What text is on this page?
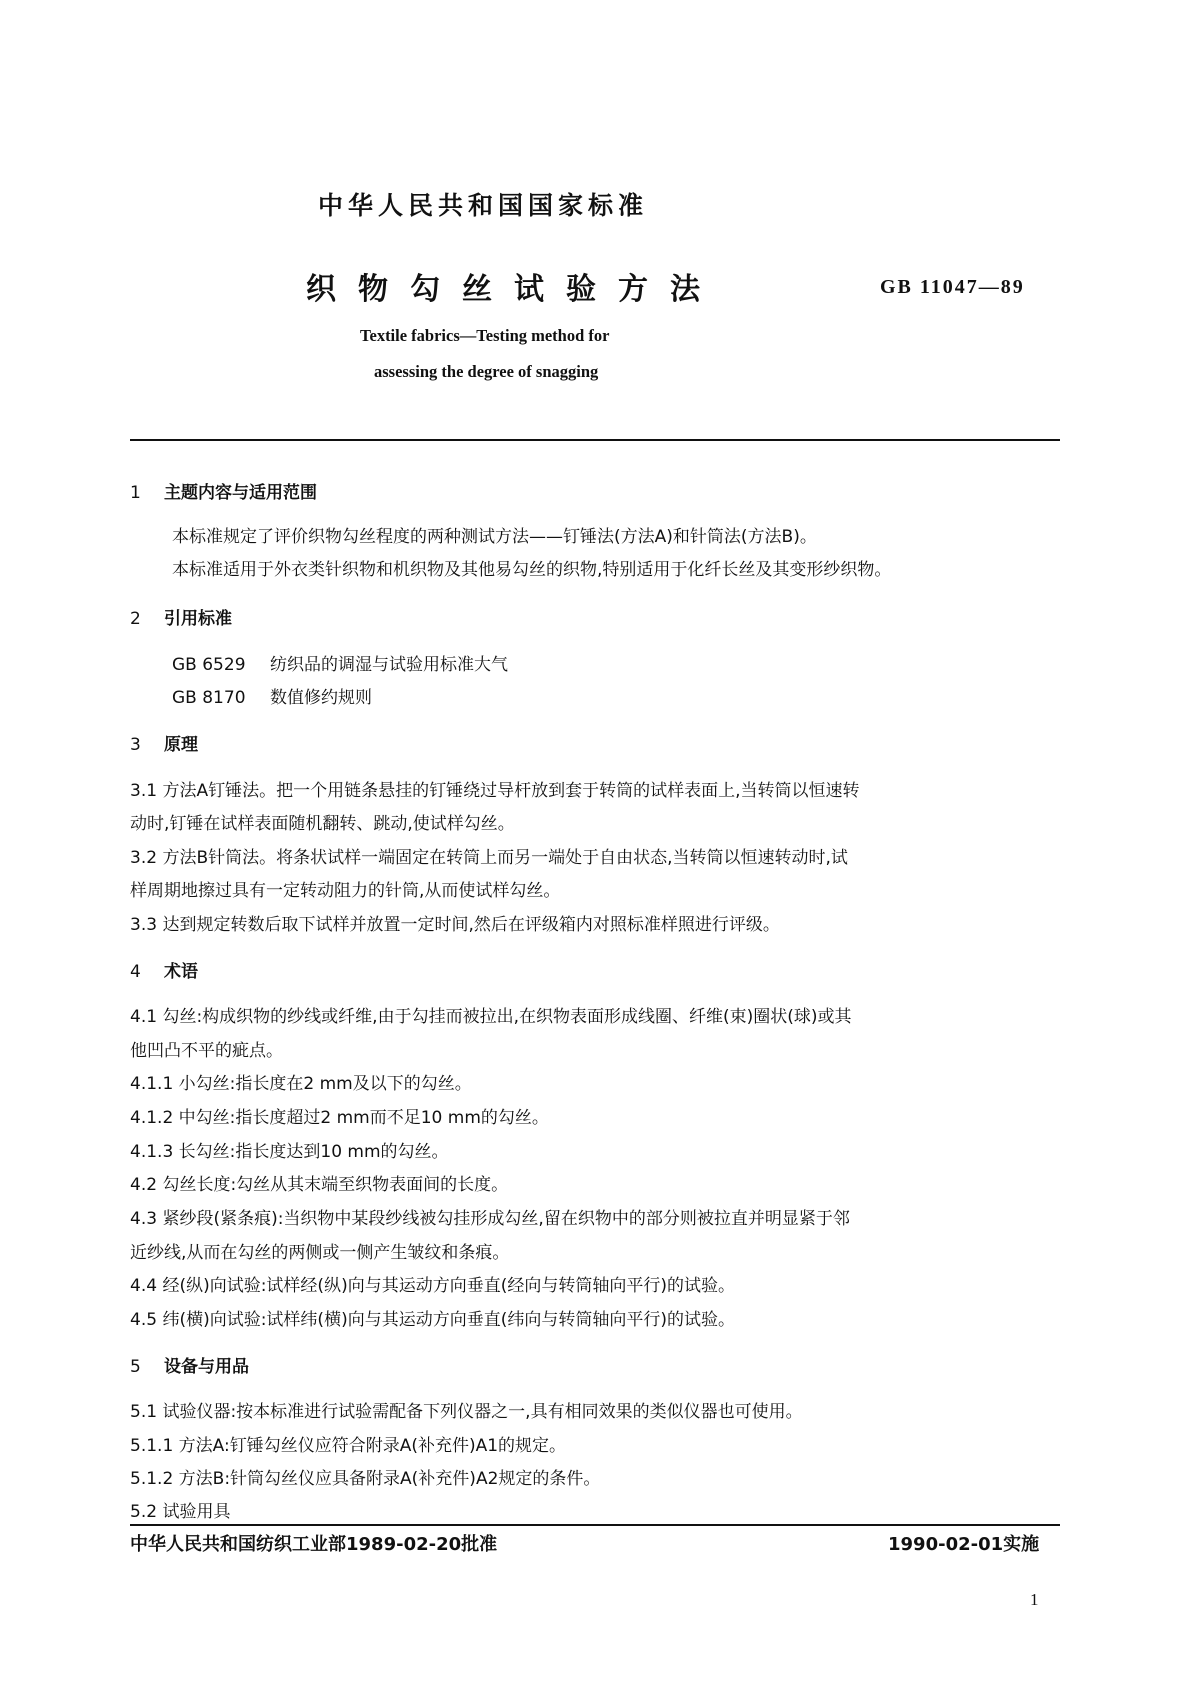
中华人民共和国国家标准
织物勾丝试验方法	GB 11047—89
Textile fabrics—Testing method for
assessing the degree of snagging
1 主题内容与适用范围
本标准规定了评价织物勾丝程度的两种测试方法——钉锤法(方法A)和针筒法(方法B)。
本标准适用于外衣类针织物和机织物及其他易勾丝的织物,特别适用于化纤长丝及其变形纱织物。
2 引用标准
GB 6529 纺织品的调湿与试验用标准大气
GB 8170 数值修约规则
3 原理
3.1 方法A钉锤法。把一个用链条悬挂的钉锤绕过导杆放到套于转筒的试样表面上,当转筒以恒速转
动时,钉锤在试样表面随机翻转、跳动,使试样勾丝。
3.2 方法B针筒法。将条状试样一端固定在转筒上而另一端处于自由状态,当转筒以恒速转动时,试
样周期地擦过具有一定转动阻力的针筒,从而使试样勾丝。
3.3 达到规定转数后取下试样并放置一定时间,然后在评级箱内对照标准样照进行评级。
4 术语
4.1 勾丝:构成织物的纱线或纤维,由于勾挂而被拉出,在织物表面形成线圈、纤维(束)圈状(球)或其
他凹凸不平的疵点。
4.1.1 小勾丝:指长度在2 mm及以下的勾丝。
4.1.2 中勾丝:指长度超过2 mm而不足10 mm的勾丝。
4.1.3 长勾丝:指长度达到10 mm的勾丝。
4.2 勾丝长度:勾丝从其末端至织物表面间的长度。
4.3 紧纱段(紧条痕):当织物中某段纱线被勾挂形成勾丝,留在织物中的部分则被拉直并明显紧于邻
近纱线,从而在勾丝的两侧或一侧产生皱纹和条痕。
4.4 经(纵)向试验:试样经(纵)向与其运动方向垂直(经向与转筒轴向平行)的试验。
4.5 纬(横)向试验:试样纬(横)向与其运动方向垂直(纬向与转筒轴向平行)的试验。
5 设备与用品
5.1 试验仪器:按本标准进行试验需配备下列仪器之一,具有相同效果的类似仪器也可使用。
5.1.1 方法A:钉锤勾丝仪应符合附录A(补充件)A1的规定。
5.1.2 方法B:针筒勾丝仪应具备附录A(补充件)A2规定的条件。
5.2 试验用具
中华人民共和国纺织工业部1989-02-20批准	1990-02-01实施
1
